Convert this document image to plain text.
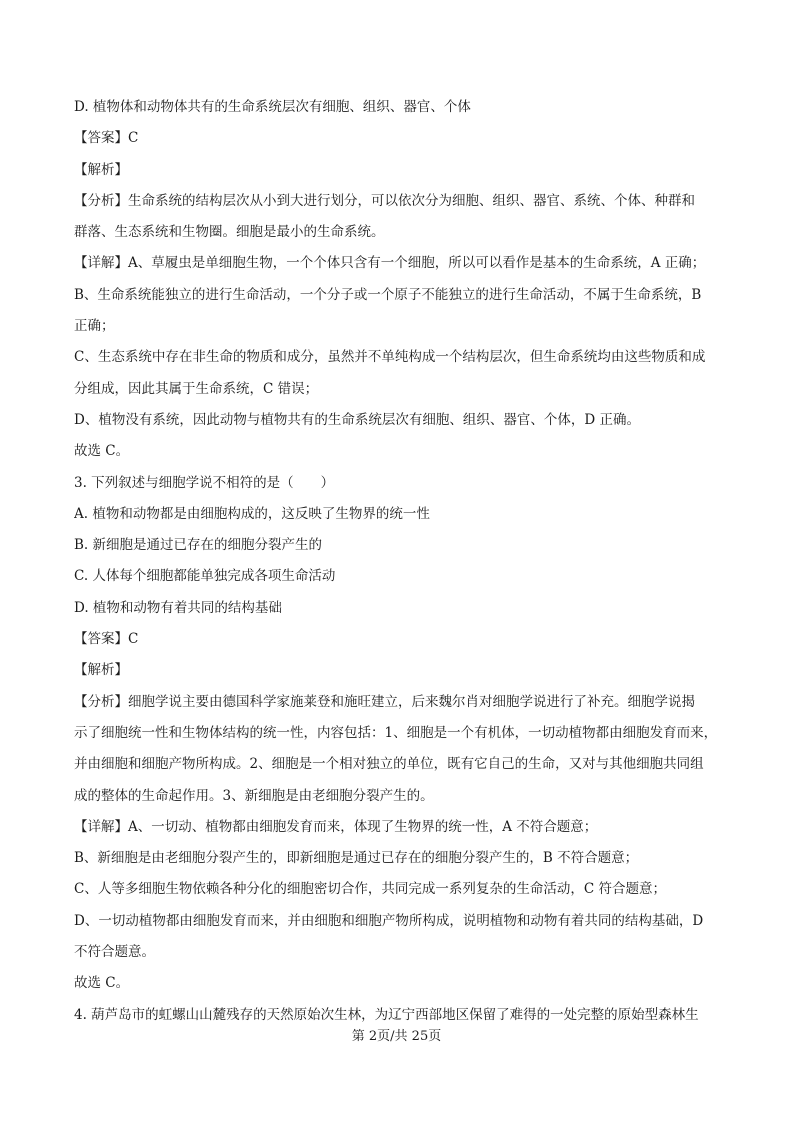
D. 植物体和动物体共有的生命系统层次有细胞、组织、器官、个体
【答案】C
【解析】
【分析】生命系统的结构层次从小到大进行划分，可以依次分为细胞、组织、器官、系统、个体、种群和
群落、生态系统和生物圈。细胞是最小的生命系统。
【详解】A、草履虫是单细胞生物，一个个体只含有一个细胞，所以可以看作是基本的生命系统，A 正确；
B、生命系统能独立的进行生命活动，一个分子或一个原子不能独立的进行生命活动，不属于生命系统，B
正确；
C、生态系统中存在非生命的物质和成分，虽然并不单纯构成一个结构层次，但生命系统均由这些物质和成
分组成，因此其属于生命系统，C 错误；
D、植物没有系统，因此动物与植物共有的生命系统层次有细胞、组织、器官、个体，D 正确。
故选 C。
3. 下列叙述与细胞学说不相符的是（　　）
A. 植物和动物都是由细胞构成的，这反映了生物界的统一性
B. 新细胞是通过已存在的细胞分裂产生的
C. 人体每个细胞都能单独完成各项生命活动
D. 植物和动物有着共同的结构基础
【答案】C
【解析】
【分析】细胞学说主要由德国科学家施莱登和施旺建立，后来魏尔肖对细胞学说进行了补充。细胞学说揭
示了细胞统一性和生物体结构的统一性，内容包括：1、细胞是一个有机体，一切动植物都由细胞发育而来，
并由细胞和细胞产物所构成。2、细胞是一个相对独立的单位，既有它自己的生命，又对与其他细胞共同组
成的整体的生命起作用。3、新细胞是由老细胞分裂产生的。
【详解】A、一切动、植物都由细胞发育而来，体现了生物界的统一性，A 不符合题意；
B、新细胞是由老细胞分裂产生的，即新细胞是通过已存在的细胞分裂产生的，B 不符合题意；
C、人等多细胞生物依赖各种分化的细胞密切合作，共同完成一系列复杂的生命活动，C 符合题意；
D、一切动植物都由细胞发育而来，并由细胞和细胞产物所构成，说明植物和动物有着共同的结构基础，D
不符合题意。
故选 C。
4. 葫芦岛市的虹螺山山麓残存的天然原始次生林，为辽宁西部地区保留了难得的一处完整的原始型森林生
第 2页/共 25页
